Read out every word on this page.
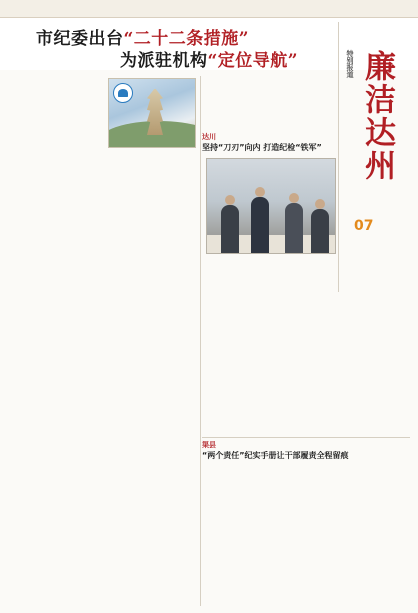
市纪委出台“二十二条措施”
为派驻机构“定位导航”	特别报道 廉洁达州
07
达川
坚持“刀刃”向内 打造纪检“铁军”

渠县
“两个责任”纪实手册让干部履责全程留痕
